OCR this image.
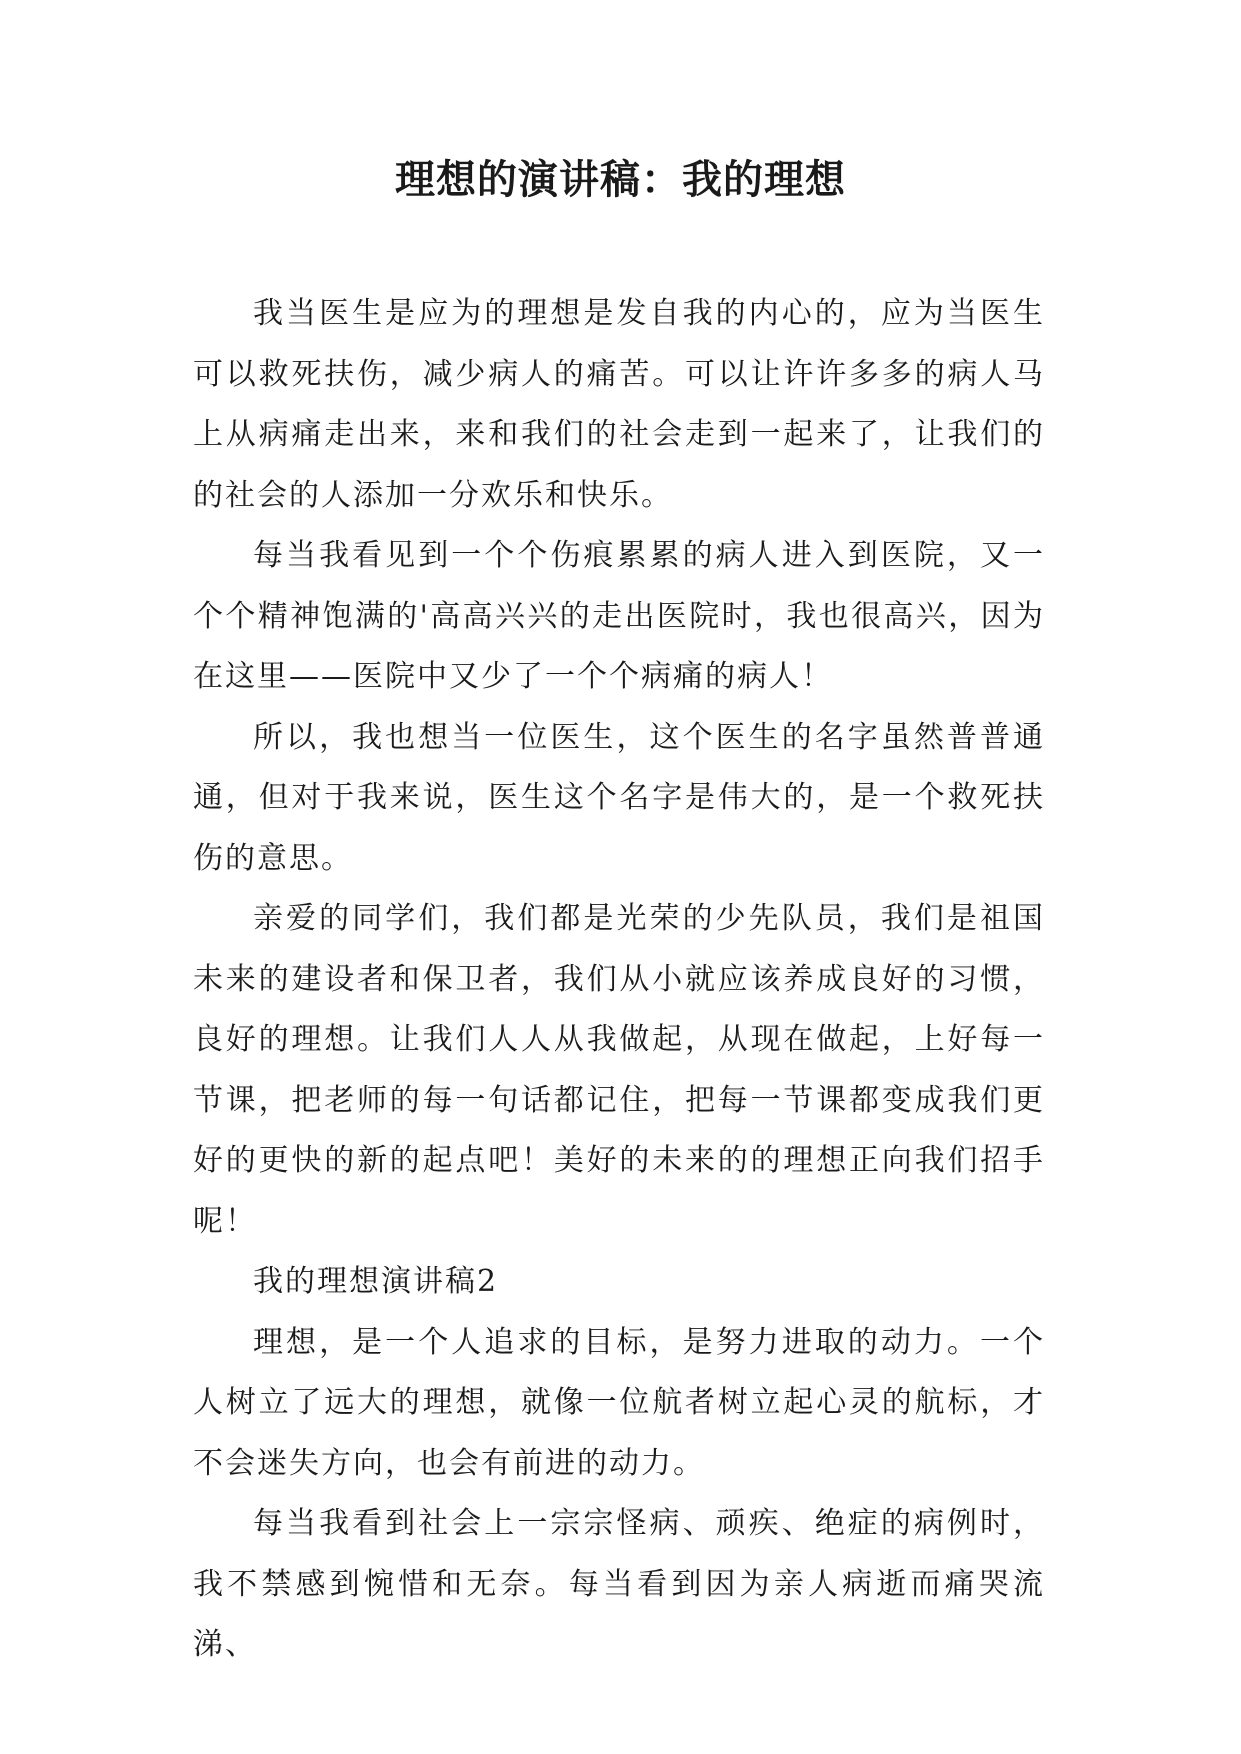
理想的演讲稿：我的理想

我当医生是应为的理想是发自我的内心的，应为当医生可以救死扶伤，减少病人的痛苦。可以让许许多多的病人马上从病痛走出来，来和我们的社会走到一起来了，让我们的的社会的人添加一分欢乐和快乐。

每当我看见到一个个伤痕累累的病人进入到医院，又一个个精神饱满的'高高兴兴的走出医院时，我也很高兴，因为在这里——医院中又少了一个个病痛的病人！

所以，我也想当一位医生，这个医生的名字虽然普普通通，但对于我来说，医生这个名字是伟大的，是一个救死扶伤的意思。

亲爱的同学们，我们都是光荣的少先队员，我们是祖国未来的建设者和保卫者，我们从小就应该养成良好的习惯，良好的理想。让我们人人从我做起，从现在做起，上好每一节课，把老师的每一句话都记住，把每一节课都变成我们更好的更快的新的起点吧！美好的未来的的理想正向我们招手呢！

我的理想演讲稿2

理想，是一个人追求的目标，是努力进取的动力。一个人树立了远大的理想，就像一位航者树立起心灵的航标，才不会迷失方向，也会有前进的动力。

每当我看到社会上一宗宗怪病、顽疾、绝症的病例时，我不禁感到惋惜和无奈。每当看到因为亲人病逝而痛哭流涕、
